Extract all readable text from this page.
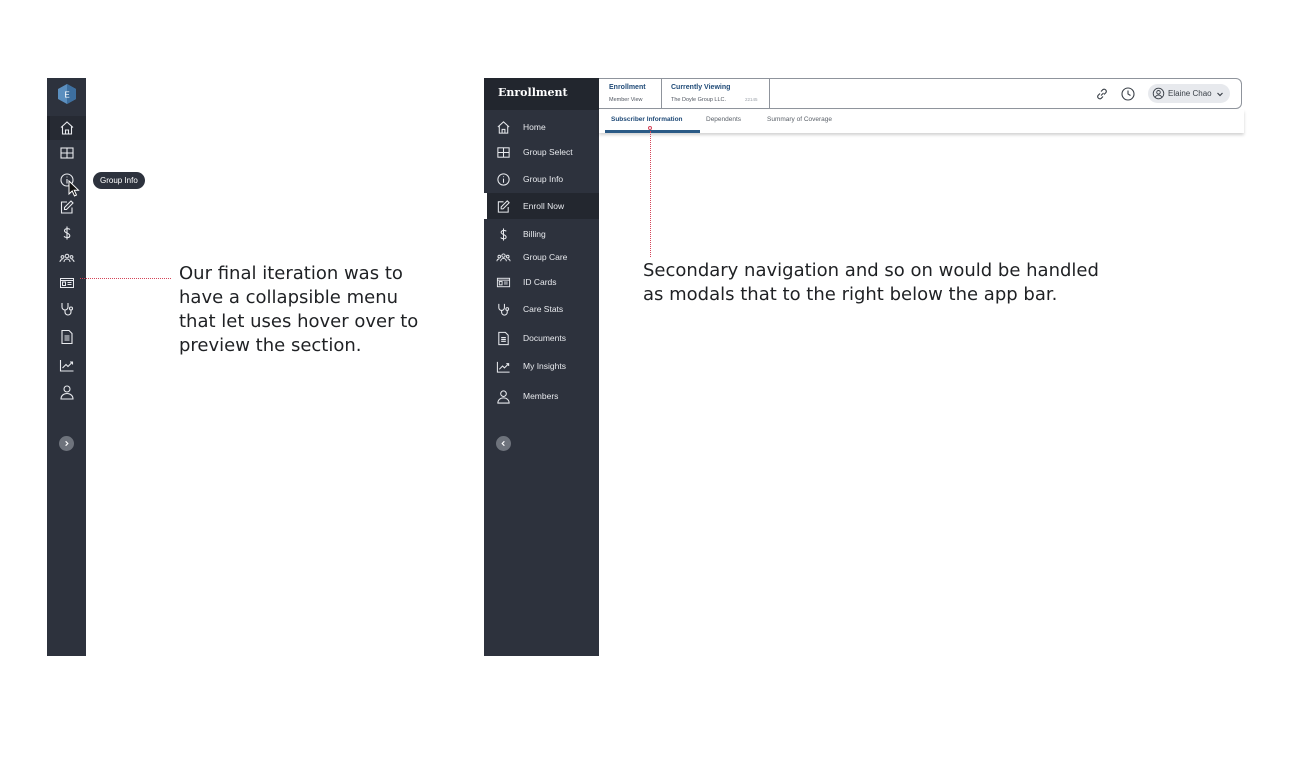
E
Group Info
Our final iteration was to have a collapsible menu that let uses hover over to preview the section.
Enrollment
Home
Group Select
Group Info
Enroll Now
Billing
Group Care
ID Cards
Care Stats
Documents
My Insights
Members
Enrollment
Member View
Currently Viewing
The Doyle Group LLC.	22145
Elaine Chao
Subscriber Information	Dependents	Summary of Coverage
Secondary navigation and so on would be handled as modals that to the right below the app bar.
